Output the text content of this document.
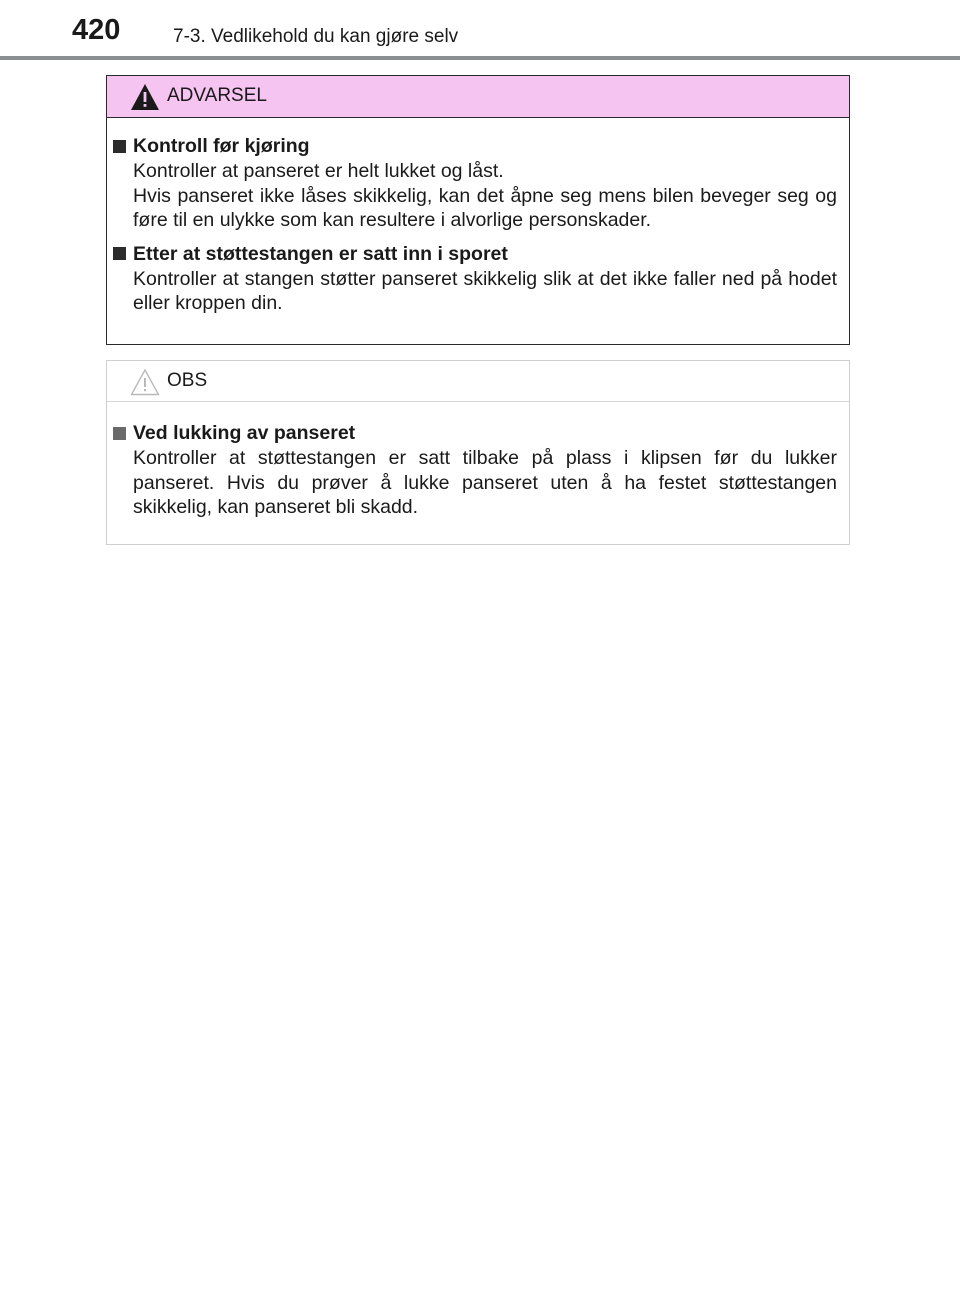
420	7-3. Vedlikehold du kan gjøre selv
ADVARSEL
Kontroll før kjøring

Kontroller at panseret er helt lukket og låst.

Hvis panseret ikke låses skikkelig, kan det åpne seg mens bilen beveger seg og føre til en ulykke som kan resultere i alvorlige personskader.

Etter at støttestangen er satt inn i sporet

Kontroller at stangen støtter panseret skikkelig slik at det ikke faller ned på hodet eller kroppen din.

OBS
Ved lukking av panseret

Kontroller at støttestangen er satt tilbake på plass i klipsen før du lukker panseret. Hvis du prøver å lukke panseret uten å ha festet støttestangen skikkelig, kan panseret bli skadd.
